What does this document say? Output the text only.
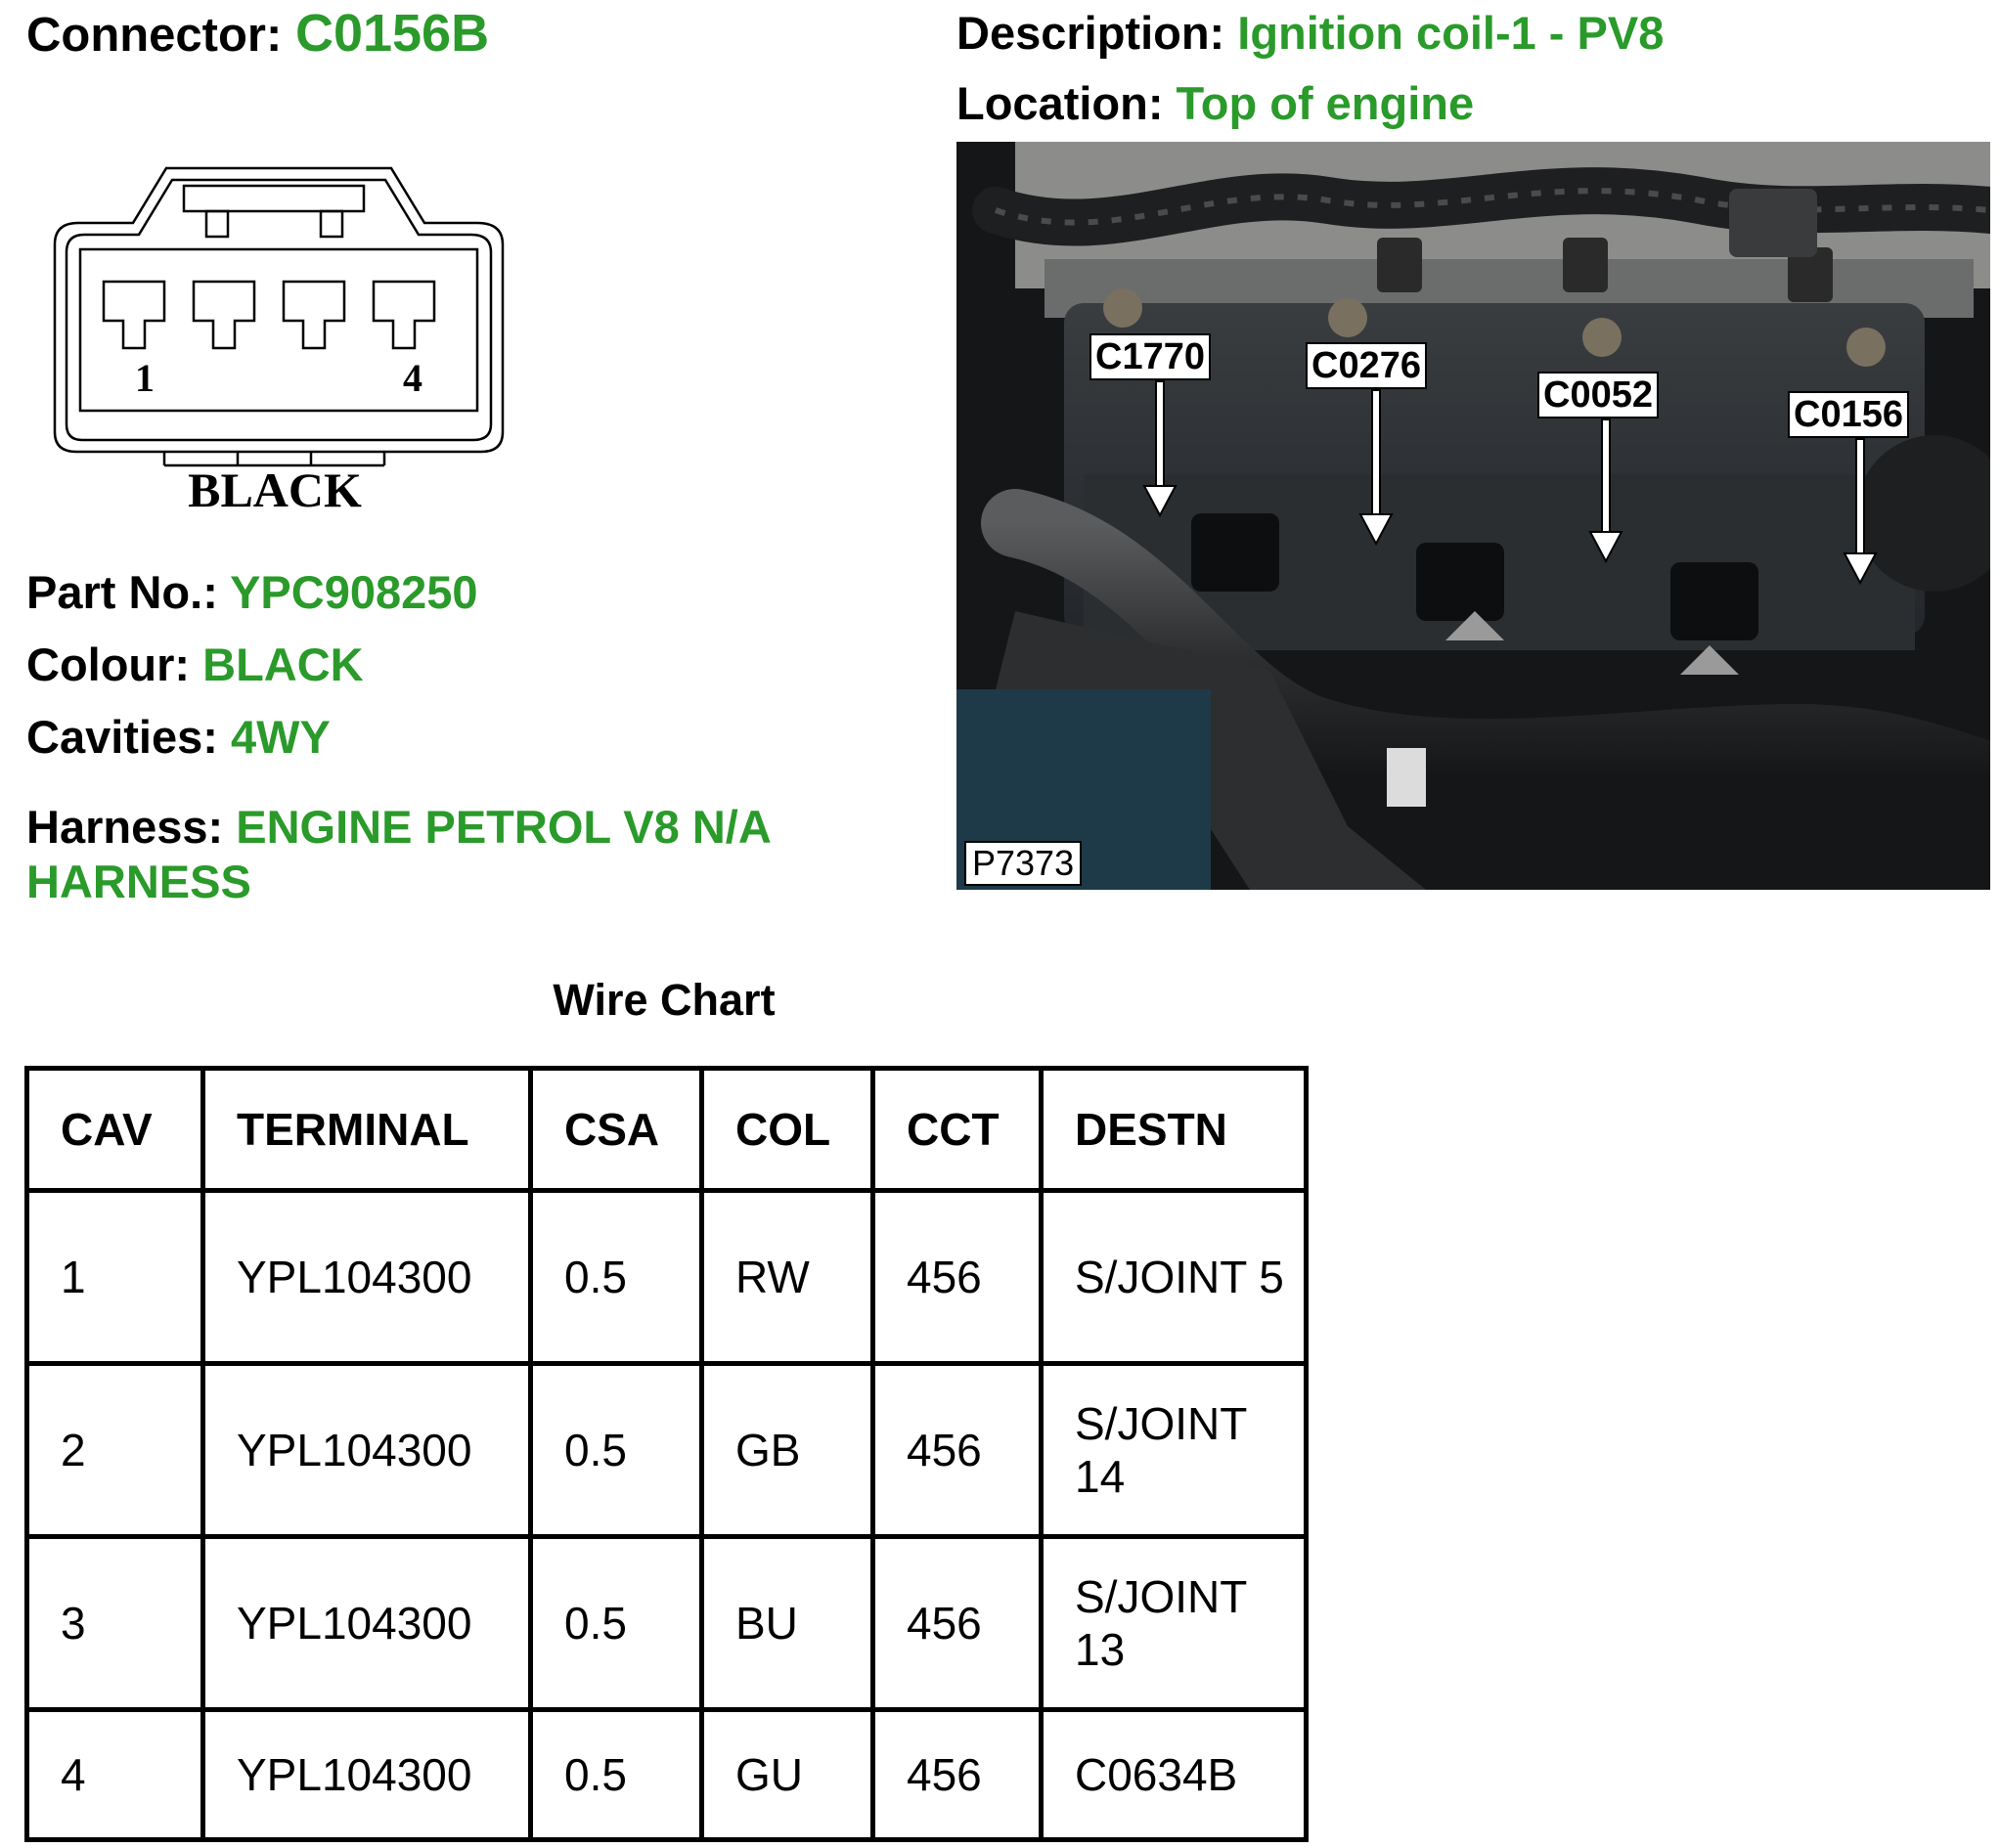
Connector: C0156B	Description: Ignition coil-1 - PV8
Location: Top of engine
1	4
BLACK
Part No.: YPC908250
Colour: BLACK
Cavities: 4WY
Harness: ENGINE PETROL V8 N/A HARNESS
C1770	C0276
C0052	C0156
P7373
Wire Chart
CAV	TERMINAL	CSA	COL	CCT	DESTN
1	YPL104300	0.5	RW	456	S/JOINT 5
2	YPL104300	0.5	GB	456	S/JOINT 14
3	YPL104300	0.5	BU	456	S/JOINT 13
4	YPL104300	0.5	GU	456	C0634B
